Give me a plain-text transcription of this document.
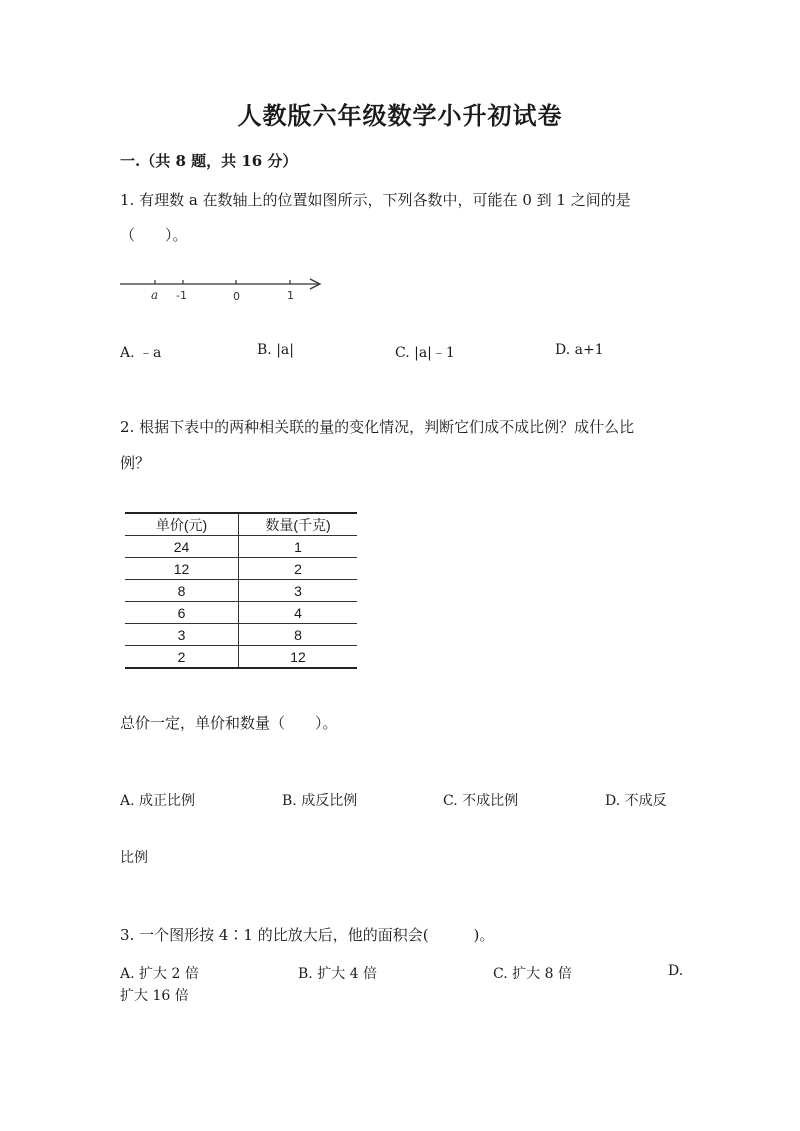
人教版六年级数学小升初试卷
一.（共 8 题，共 16 分）
1. 有理数 a 在数轴上的位置如图所示，下列各数中，可能在 0 到 1 之间的是
（　　）。
a -1	0	1
A. ﹣a	B. |a|	C. |a|﹣1	D. a+1
2. 根据下表中的两种相关联的量的变化情况，判断它们成不成比例？成什么比
例？
单价(元)	数量(千克)
24	1
12	2
8	3
6	4
3	8
2	12
总价一定，单价和数量（　　）。
A. 成正比例	B. 成反比例	C. 不成比例	D. 不成反
比例
3. 一个图形按 4∶1 的比放大后，他的面积会(　　　)。
A. 扩大 2 倍	B. 扩大 4 倍	C. 扩大 8 倍	D.
扩大 16 倍
